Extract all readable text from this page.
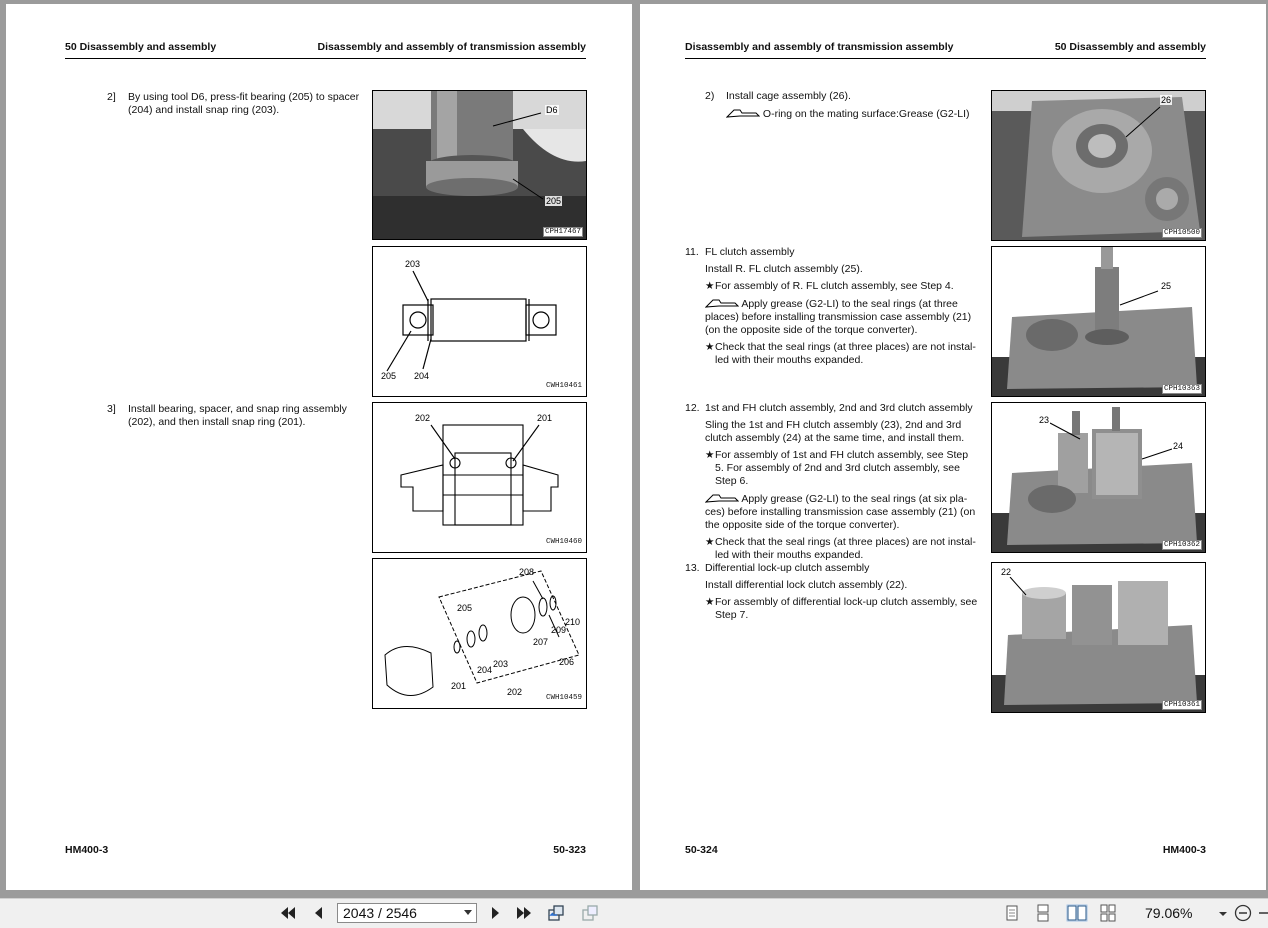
50 Disassembly and assembly	Disassembly and assembly of transmission assembly
2] By using tool D6, press-fit bearing (205) to spacer
(204) and install snap ring (203).
3] Install bearing, spacer, and snap ring assembly
(202), and then install snap ring (201).
D6
205
CPH17467
203
205 204
CWH10461
202	201
CWH10460
208
205
209
210
207
206
203
204
201
202
CWH10459
HM400-3	50-323
Disassembly and assembly of transmission assembly	50 Disassembly and assembly
2) Install cage assembly (26).
O-ring on the mating surface:Grease (G2-LI)
11. FL clutch assembly
Install R. FL clutch assembly (25).
★For assembly of R. FL clutch assembly, see Step 4.
Apply grease (G2-LI) to the seal rings (at three
places) before installing transmission case assembly (21)
(on the opposite side of the torque converter).
★Check that the seal rings (at three places) are not instal-
led with their mouths expanded.
12. 1st and FH clutch assembly, 2nd and 3rd clutch assembly
Sling the 1st and FH clutch assembly (23), 2nd and 3rd
clutch assembly (24) at the same time, and install them.
★For assembly of 1st and FH clutch assembly, see Step
5. For assembly of 2nd and 3rd clutch assembly, see
Step 6.
Apply grease (G2-LI) to the seal rings (at six pla-
ces) before installing transmission case assembly (21) (on
the opposite side of the torque converter).
★Check that the seal rings (at three places) are not instal-
led with their mouths expanded.
13. Differential lock-up clutch assembly
Install differential lock clutch assembly (22).
★For assembly of differential lock-up clutch assembly, see
Step 7.
26
CPH10500
25
CPH10363
23
24
CPH10362
22
CPH10361
50-324	HM400-3
2043 / 2546	79.06%
